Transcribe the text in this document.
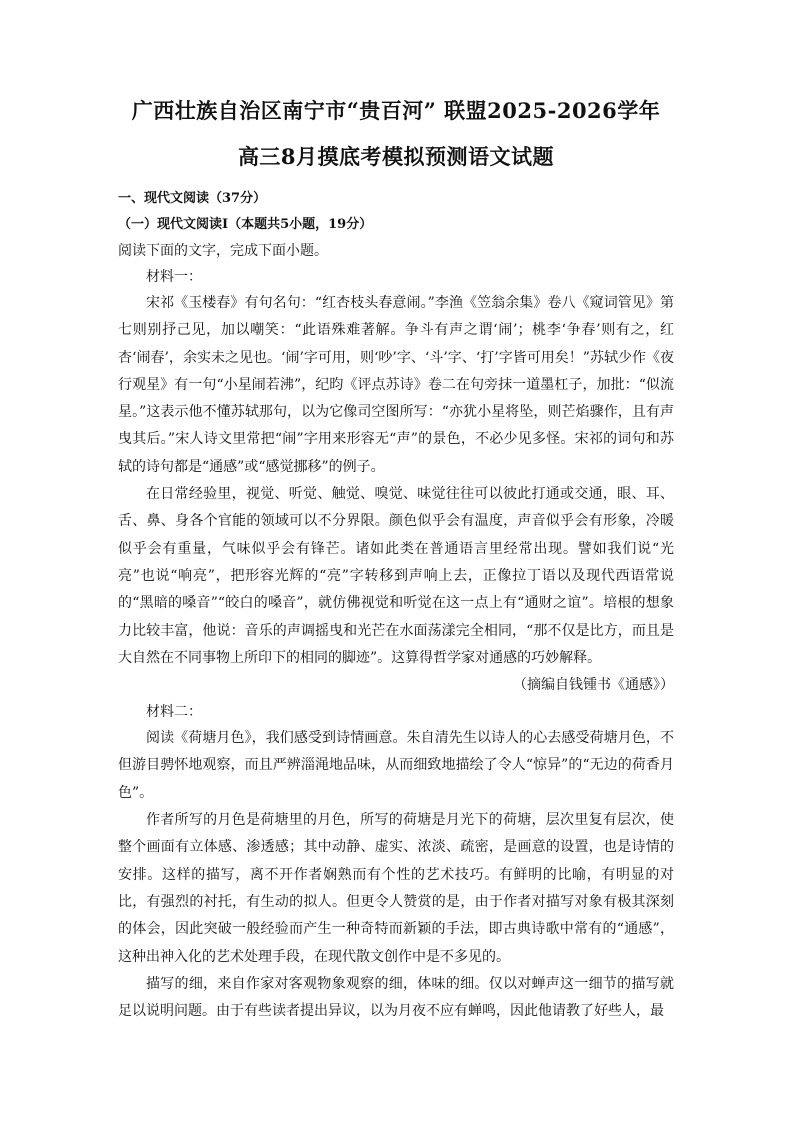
广西壮族自治区南宁市“贵百河” 联盟2025-2026学年
高三8月摸底考模拟预测语文试题
一、现代文阅读（37分）
（一）现代文阅读Ⅰ（本题共5小题，19分）
阅读下面的文字，完成下面小题。
材料一：

宋祁《玉楼春》有句名句：“红杏枝头春意闹。”李渔《笠翁余集》卷八《窥词管见》第七则别抒己见，加以嘲笑：“此语殊难著解。争斗有声之谓‘闹’；桃李‘争春’则有之，红杏‘闹春’，余实未之见也。‘闹’字可用，则‘吵’字、‘斗’字、‘打’字皆可用矣！”苏轼少作《夜行观星》有一句“小星闹若沸”，纪昀《评点苏诗》卷二在句旁抹一道墨杠子，加批：“似流星。”这表示他不懂苏轼那句，以为它像司空图所写：“亦犹小星将坠，则芒焰骤作，且有声曳其后。”宋人诗文里常把“闹”字用来形容无“声”的景色，不必少见多怪。宋祁的词句和苏轼的诗句都是“通感”或“感觉挪移”的例子。

在日常经验里，视觉、听觉、触觉、嗅觉、味觉往往可以彼此打通或交通，眼、耳、舌、鼻、身各个官能的领域可以不分界限。颜色似乎会有温度，声音似乎会有形象，冷暖似乎会有重量，气味似乎会有锋芒。诸如此类在普通语言里经常出现。譬如我们说“光亮”也说“响亮”，把形容光辉的“亮”字转移到声响上去，正像拉丁语以及现代西语常说的“黑暗的嗓音”“皎白的嗓音”，就仿佛视觉和听觉在这一点上有“通财之谊”。培根的想象力比较丰富，他说：音乐的声调摇曳和光芒在水面荡漾完全相同，“那不仅是比方，而且是大自然在不同事物上所印下的相同的脚迹”。这算得哲学家对通感的巧妙解释。

（摘编自钱锺书《通感》）
材料二：

阅读《荷塘月色》，我们感受到诗情画意。朱自清先生以诗人的心去感受荷塘月色，不但游目骋怀地观察，而且严辨淄渑地品味，从而细致地描绘了令人“惊异”的“无边的荷香月色”。

作者所写的月色是荷塘里的月色，所写的荷塘是月光下的荷塘，层次里复有层次，使整个画面有立体感、渗透感；其中动静、虚实、浓淡、疏密，是画意的设置，也是诗情的安排。这样的描写，离不开作者娴熟而有个性的艺术技巧。有鲜明的比喻，有明显的对比，有强烈的衬托，有生动的拟人。但更令人赞赏的是，由于作者对描写对象有极其深刻的体会，因此突破一般经验而产生一种奇特而新颖的手法，即古典诗歌中常有的“通感”，这种出神入化的艺术处理手段，在现代散文创作中是不多见的。

描写的细，来自作家对客观物象观察的细，体味的细。仅以对蝉声这一细节的描写就足以说明问题。由于有些读者提出异议，以为月夜不应有蝉鸣，因此他请教了好些人，最
